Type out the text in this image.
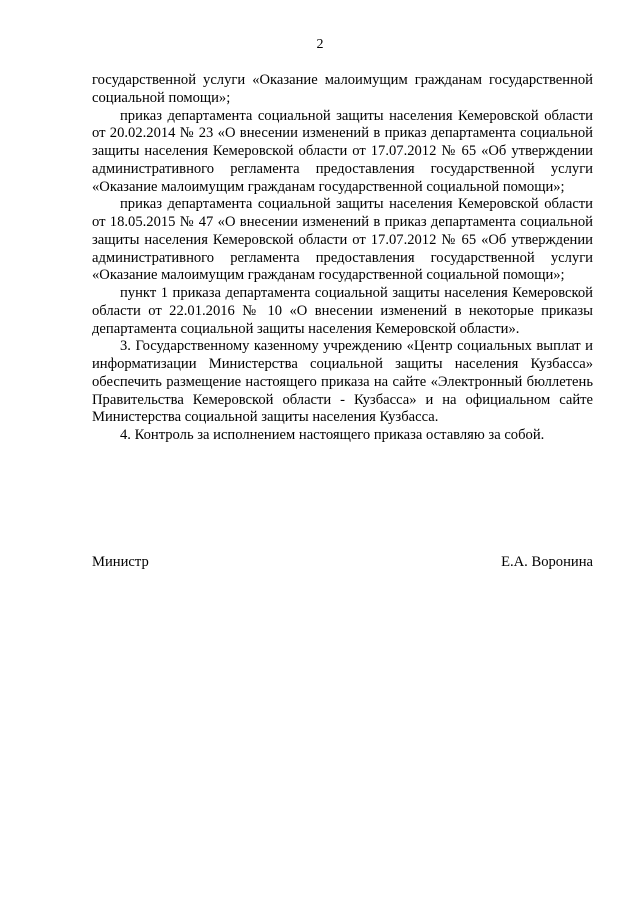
2

государственной услуги «Оказание малоимущим гражданам государственной социальной помощи»;

приказ департамента социальной защиты населения Кемеровской области от 20.02.2014 № 23 «О внесении изменений в приказ департамента социальной защиты населения Кемеровской области от 17.07.2012 № 65 «Об утверждении административного регламента предоставления государственной услуги «Оказание малоимущим гражданам государственной социальной помощи»;

приказ департамента социальной защиты населения Кемеровской области от 18.05.2015 № 47 «О внесении изменений в приказ департамента социальной защиты населения Кемеровской области от 17.07.2012 № 65 «Об утверждении административного регламента предоставления государственной услуги «Оказание малоимущим гражданам государственной социальной помощи»;

пункт 1 приказа департамента социальной защиты населения Кемеровской области от 22.01.2016 № 10 «О внесении изменений в некоторые приказы департамента социальной защиты населения Кемеровской области».

3. Государственному казенному учреждению «Центр социальных выплат и информатизации Министерства социальной защиты населения Кузбасса» обеспечить размещение настоящего приказа на сайте «Электронный бюллетень Правительства Кемеровской области - Кузбасса» и на официальном сайте Министерства социальной защиты населения Кузбасса.

4. Контроль за исполнением настоящего приказа оставляю за собой.

Министр	Е.А. Воронина
